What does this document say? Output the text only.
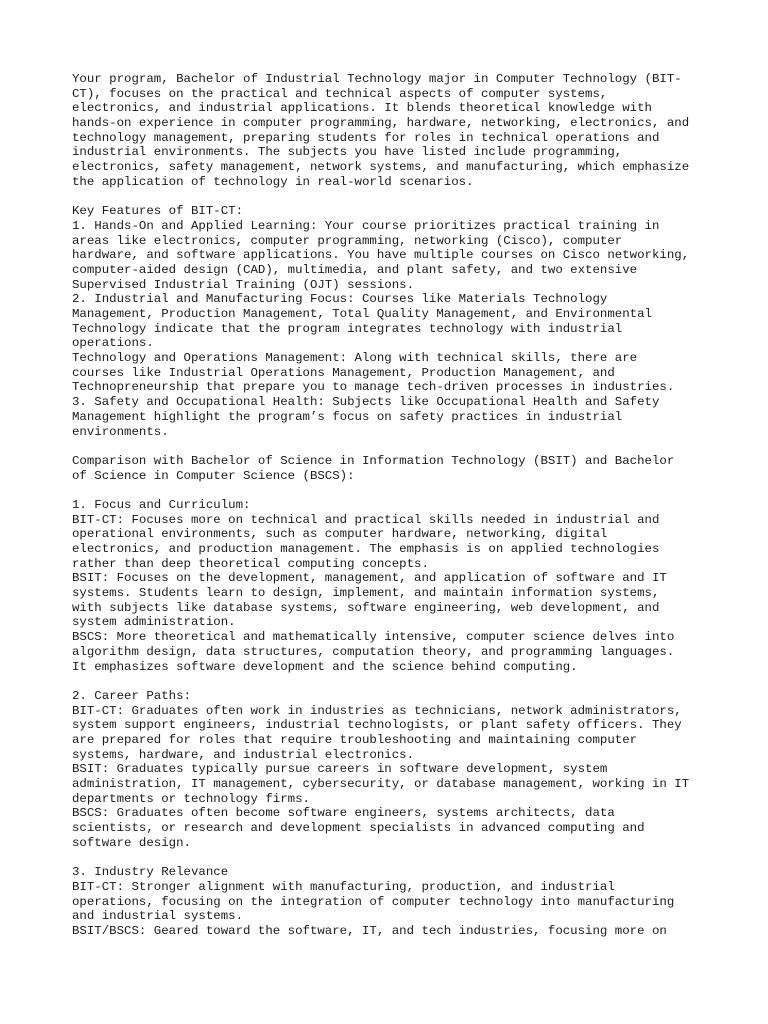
Your program, Bachelor of Industrial Technology major in Computer Technology (BIT-
CT), focuses on the practical and technical aspects of computer systems,
electronics, and industrial applications. It blends theoretical knowledge with
hands-on experience in computer programming, hardware, networking, electronics, and
technology management, preparing students for roles in technical operations and
industrial environments. The subjects you have listed include programming,
electronics, safety management, network systems, and manufacturing, which emphasize
the application of technology in real-world scenarios.
Key Features of BIT-CT:
1. Hands-On and Applied Learning: Your course prioritizes practical training in
areas like electronics, computer programming, networking (Cisco), computer
hardware, and software applications. You have multiple courses on Cisco networking,
computer-aided design (CAD), multimedia, and plant safety, and two extensive
Supervised Industrial Training (OJT) sessions.
2. Industrial and Manufacturing Focus: Courses like Materials Technology
Management, Production Management, Total Quality Management, and Environmental
Technology indicate that the program integrates technology with industrial
operations.
Technology and Operations Management: Along with technical skills, there are
courses like Industrial Operations Management, Production Management, and
Technopreneurship that prepare you to manage tech-driven processes in industries.
3. Safety and Occupational Health: Subjects like Occupational Health and Safety
Management highlight the program’s focus on safety practices in industrial
environments.
Comparison with Bachelor of Science in Information Technology (BSIT) and Bachelor
of Science in Computer Science (BSCS):
1. Focus and Curriculum:
BIT-CT: Focuses more on technical and practical skills needed in industrial and
operational environments, such as computer hardware, networking, digital
electronics, and production management. The emphasis is on applied technologies
rather than deep theoretical computing concepts.
BSIT: Focuses on the development, management, and application of software and IT
systems. Students learn to design, implement, and maintain information systems,
with subjects like database systems, software engineering, web development, and
system administration.
BSCS: More theoretical and mathematically intensive, computer science delves into
algorithm design, data structures, computation theory, and programming languages.
It emphasizes software development and the science behind computing.
2. Career Paths:
BIT-CT: Graduates often work in industries as technicians, network administrators,
system support engineers, industrial technologists, or plant safety officers. They
are prepared for roles that require troubleshooting and maintaining computer
systems, hardware, and industrial electronics.
BSIT: Graduates typically pursue careers in software development, system
administration, IT management, cybersecurity, or database management, working in IT
departments or technology firms.
BSCS: Graduates often become software engineers, systems architects, data
scientists, or research and development specialists in advanced computing and
software design.
3. Industry Relevance
BIT-CT: Stronger alignment with manufacturing, production, and industrial
operations, focusing on the integration of computer technology into manufacturing
and industrial systems.
BSIT/BSCS: Geared toward the software, IT, and tech industries, focusing more on
